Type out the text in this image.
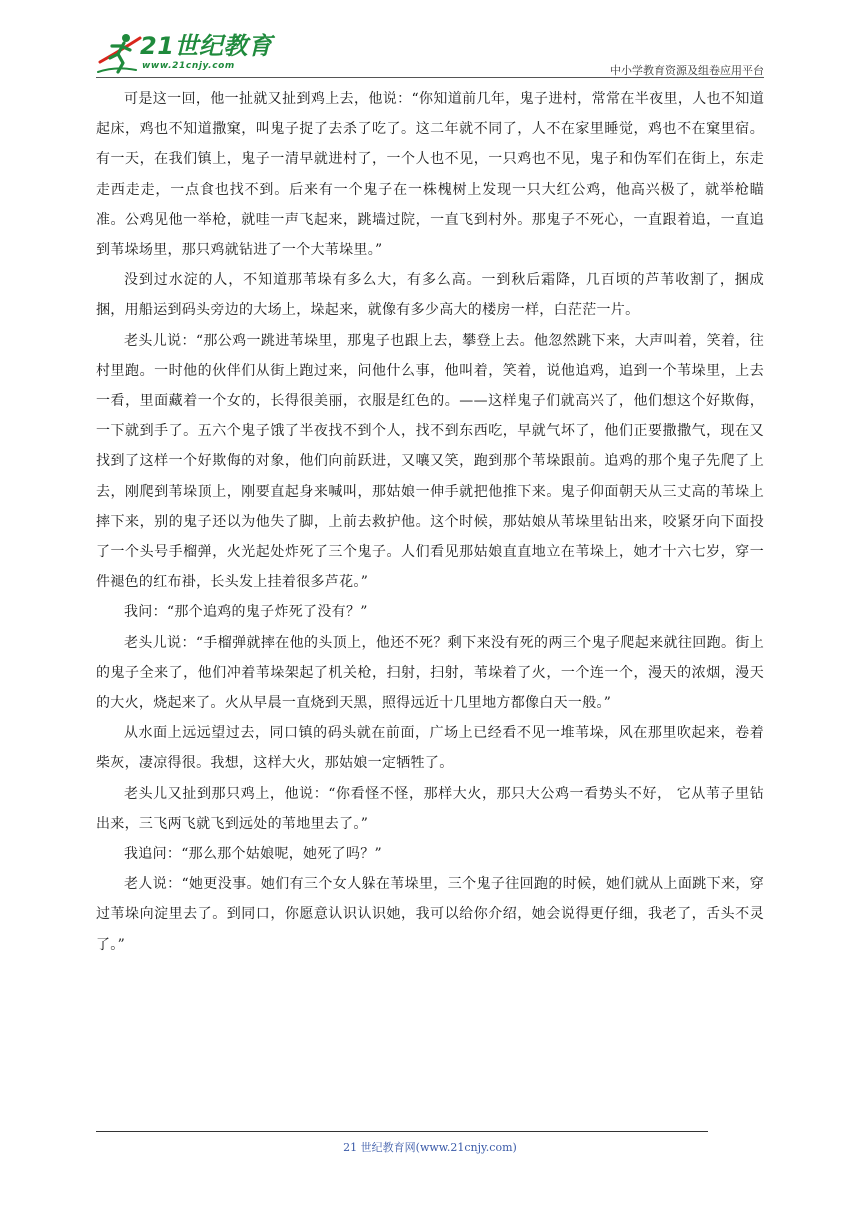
21世纪教育
www.21cnjy.com	中小学教育资源及组卷应用平台

可是这一回，他一扯就又扯到鸡上去，他说：“你知道前几年，鬼子进村，常常在半夜里，人也不知道起床，鸡也不知道撒窠，叫鬼子捉了去杀了吃了。这二年就不同了，人不在家里睡觉，鸡也不在窠里宿。有一天，在我们镇上，鬼子一清早就进村了，一个人也不见，一只鸡也不见，鬼子和伪军们在街上，东走走西走走，一点食也找不到。后来有一个鬼子在一株槐树上发现一只大红公鸡，他高兴极了，就举枪瞄准。公鸡见他一举枪，就哇一声飞起来，跳墙过院，一直飞到村外。那鬼子不死心，一直跟着追，一直追到苇垛场里，那只鸡就钻进了一个大苇垛里。”

没到过水淀的人，不知道那苇垛有多么大，有多么高。一到秋后霜降，几百顷的芦苇收割了，捆成捆，用船运到码头旁边的大场上，垛起来，就像有多少高大的楼房一样，白茫茫一片。

老头儿说：“那公鸡一跳进苇垛里，那鬼子也跟上去，攀登上去。他忽然跳下来，大声叫着，笑着，往村里跑。一时他的伙伴们从街上跑过来，问他什么事，他叫着，笑着，说他追鸡，追到一个苇垛里，上去一看，里面藏着一个女的，长得很美丽，衣服是红色的。——这样鬼子们就高兴了，他们想这个好欺侮，一下就到手了。五六个鬼子饿了半夜找不到个人，找不到东西吃，早就气坏了，他们正要撒撒气，现在又找到了这样一个好欺侮的对象，他们向前跃进，又嚷又笑，跑到那个苇垛跟前。追鸡的那个鬼子先爬了上去，刚爬到苇垛顶上，刚要直起身来喊叫，那姑娘一伸手就把他推下来。鬼子仰面朝天从三丈高的苇垛上摔下来，别的鬼子还以为他失了脚，上前去救护他。这个时候，那姑娘从苇垛里钻出来，咬紧牙向下面投了一个头号手榴弹，火光起处炸死了三个鬼子。人们看见那姑娘直直地立在苇垛上，她才十六七岁，穿一件褪色的红布褂，长头发上挂着很多芦花。”

我问：“那个追鸡的鬼子炸死了没有？”

老头儿说：“手榴弹就摔在他的头顶上，他还不死？剩下来没有死的两三个鬼子爬起来就往回跑。街上的鬼子全来了，他们冲着苇垛架起了机关枪，扫射，扫射，苇垛着了火，一个连一个，漫天的浓烟，漫天的大火，烧起来了。火从早晨一直烧到天黑，照得远近十几里地方都像白天一般。”

从水面上远远望过去，同口镇的码头就在前面，广场上已经看不见一堆苇垛，风在那里吹起来，卷着柴灰，凄凉得很。我想，这样大火，那姑娘一定牺牲了。

老头儿又扯到那只鸡上，他说：“你看怪不怪，那样大火，那只大公鸡一看势头不好， 它从苇子里钻出来，三飞两飞就飞到远处的苇地里去了。”

我追问：“那么那个姑娘呢，她死了吗？”

老人说：“她更没事。她们有三个女人躲在苇垛里，三个鬼子往回跑的时候，她们就从上面跳下来，穿过苇垛向淀里去了。到同口，你愿意认识认识她，我可以给你介绍，她会说得更仔细，我老了，舌头不灵了。”

21 世纪教育网(www.21cnjy.com)
